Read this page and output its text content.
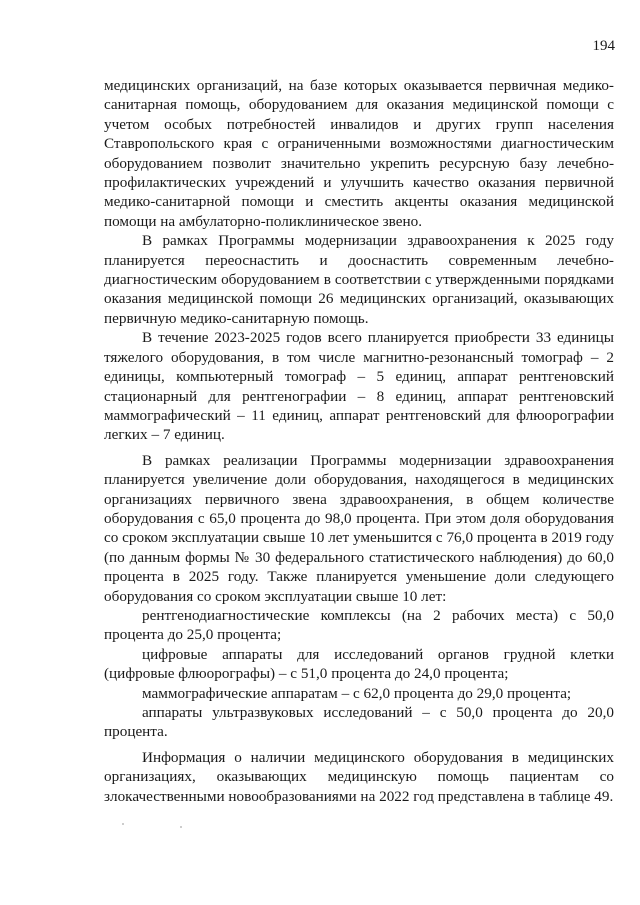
194

медицинских организаций, на базе которых оказывается первичная медико-санитарная помощь, оборудованием для оказания медицинской помощи с учетом особых потребностей инвалидов и других групп населения Ставропольского края с ограниченными возможностями диагностическим оборудованием позволит значительно укрепить ресурсную базу лечебно-профилактических учреждений и улучшить качество оказания первичной медико-санитарной помощи и сместить акценты оказания медицинской помощи на амбулаторно-поликлиническое звено.

В рамках Программы модернизации здравоохранения к 2025 году планируется переоснастить и дооснастить современным лечебно-диагностическим оборудованием в соответствии с утвержденными порядками оказания медицинской помощи 26 медицинских организаций, оказывающих первичную медико-санитарную помощь.

В течение 2023-2025 годов всего планируется приобрести 33 единицы тяжелого оборудования, в том числе магнитно-резонансный томограф – 2 единицы, компьютерный томограф – 5 единиц, аппарат рентгеновский стационарный для рентгенографии – 8 единиц, аппарат рентгеновский маммографический – 11 единиц, аппарат рентгеновский для флюорографии легких – 7 единиц.

В рамках реализации Программы модернизации здравоохранения планируется увеличение доли оборудования, находящегося в медицинских организациях первичного звена здравоохранения, в общем количестве оборудования с 65,0 процента до 98,0 процента. При этом доля оборудования со сроком эксплуатации свыше 10 лет уменьшится с 76,0 процента в 2019 году (по данным формы № 30 федерального статистического наблюдения) до 60,0 процента в 2025 году. Также планируется уменьшение доли следующего оборудования со сроком эксплуатации свыше 10 лет:

рентгенодиагностические комплексы (на 2 рабочих места) с 50,0 процента до 25,0 процента;

цифровые аппараты для исследований органов грудной клетки (цифровые флюорографы) – с 51,0 процента до 24,0 процента;

маммографические аппаратам – с 62,0 процента до 29,0 процента;

аппараты ультразвуковых исследований – с 50,0 процента до 20,0 процента.

Информация о наличии медицинского оборудования в медицинских организациях, оказывающих медицинскую помощь пациентам со злокачественными новообразованиями на 2022 год представлена в таблице 49.
